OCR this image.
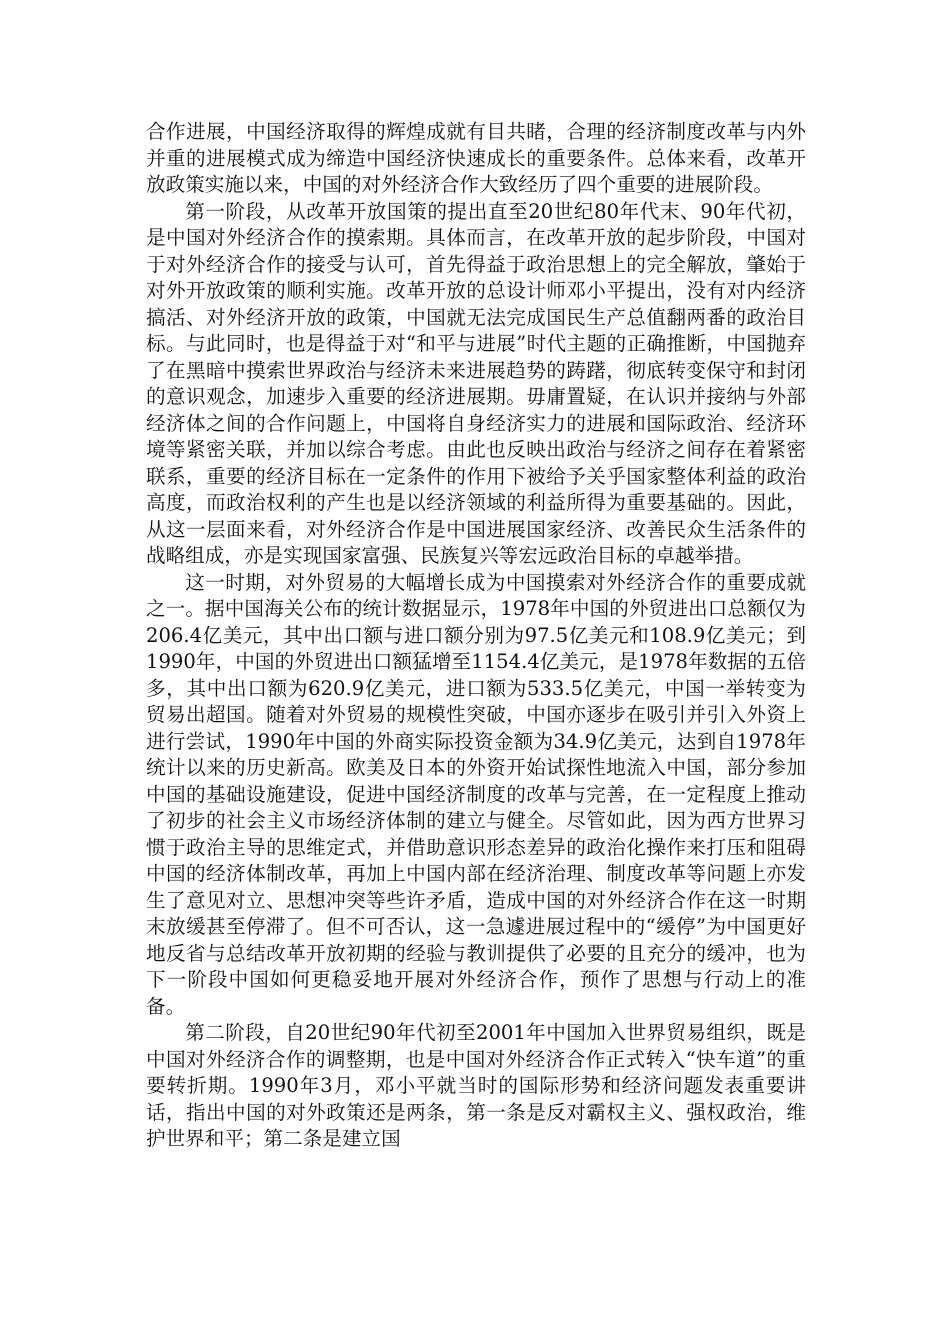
合作进展，中国经济取得的辉煌成就有目共睹，合理的经济制度改革与内外并重的进展模式成为缔造中国经济快速成长的重要条件。总体来看，改革开放政策实施以来，中国的对外经济合作大致经历了四个重要的进展阶段。

第一阶段，从改革开放国策的提出直至20世纪80年代末、90年代初，是中国对外经济合作的摸索期。具体而言，在改革开放的起步阶段，中国对于对外经济合作的接受与认可，首先得益于政治思想上的完全解放，肇始于对外开放政策的顺利实施。改革开放的总设计师邓小平提出，没有对内经济搞活、对外经济开放的政策，中国就无法完成国民生产总值翻两番的政治目标。与此同时，也是得益于对“和平与进展”时代主题的正确推断，中国抛弃了在黑暗中摸索世界政治与经济未来进展趋势的踌躇，彻底转变保守和封闭的意识观念，加速步入重要的经济进展期。毋庸置疑，在认识并接纳与外部经济体之间的合作问题上，中国将自身经济实力的进展和国际政治、经济环境等紧密关联，并加以综合考虑。由此也反映出政治与经济之间存在着紧密联系，重要的经济目标在一定条件的作用下被给予关乎国家整体利益的政治高度，而政治权利的产生也是以经济领域的利益所得为重要基础的。因此，从这一层面来看，对外经济合作是中国进展国家经济、改善民众生活条件的战略组成，亦是实现国家富强、民族复兴等宏远政治目标的卓越举措。

这一时期，对外贸易的大幅增长成为中国摸索对外经济合作的重要成就之一。据中国海关公布的统计数据显示，1978年中国的外贸进出口总额仅为206.4亿美元，其中出口额与进口额分别为97.5亿美元和108.9亿美元；到1990年，中国的外贸进出口额猛增至1154.4亿美元，是1978年数据的五倍多，其中出口额为620.9亿美元，进口额为533.5亿美元，中国一举转变为贸易出超国。随着对外贸易的规模性突破，中国亦逐步在吸引并引入外资上进行尝试，1990年中国的外商实际投资金额为34.9亿美元，达到自1978年统计以来的历史新高。欧美及日本的外资开始试探性地流入中国，部分参加中国的基础设施建设，促进中国经济制度的改革与完善，在一定程度上推动了初步的社会主义市场经济体制的建立与健全。尽管如此，因为西方世界习惯于政治主导的思维定式，并借助意识形态差异的政治化操作来打压和阻碍中国的经济体制改革，再加上中国内部在经济治理、制度改革等问题上亦发生了意见对立、思想冲突等些许矛盾，造成中国的对外经济合作在这一时期末放缓甚至停滞了。但不可否认，这一急遽进展过程中的“缓停”为中国更好地反省与总结改革开放初期的经验与教训提供了必要的且充分的缓冲，也为下一阶段中国如何更稳妥地开展对外经济合作，预作了思想与行动上的准备。

第二阶段，自20世纪90年代初至2001年中国加入世界贸易组织，既是中国对外经济合作的调整期，也是中国对外经济合作正式转入“快车道”的重要转折期。1990年3月，邓小平就当时的国际形势和经济问题发表重要讲话，指出中国的对外政策还是两条，第一条是反对霸权主义、强权政治，维护世界和平；第二条是建立国
